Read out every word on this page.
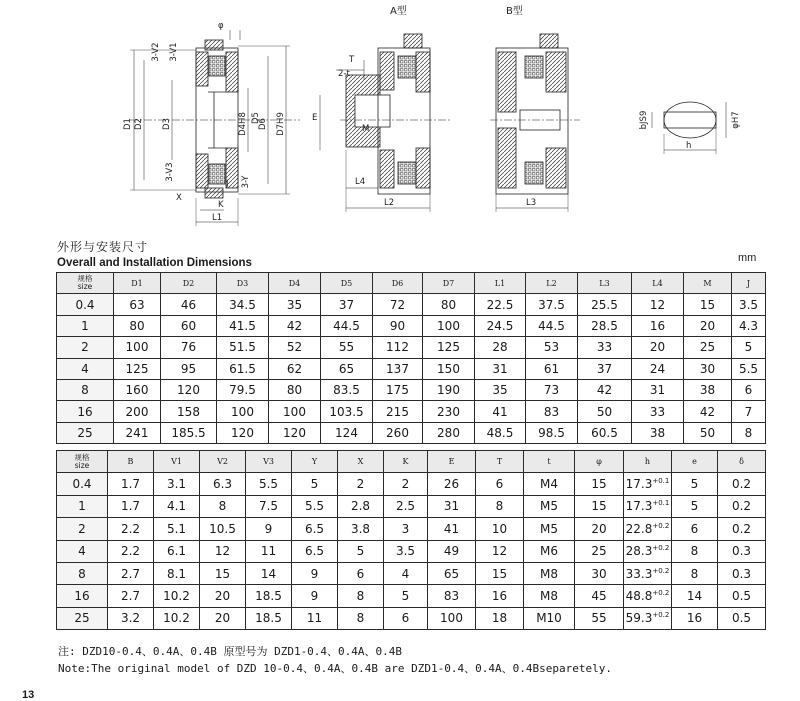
D1 D2 D3	D4H8 D5
D6 D7H9
3-V2 3-V1
3-V3
3-Y
X
K
J
L1
φ
A型
E
T
2-t
M
L4
L2
B型
L3
h
bJS9	φH7
外形与安装尺寸
Overall and Installation Dimensions	mm
规格
size	D1	D2	D3	D4	D5	D6	D7	L1	L2	L3	L4	M	J
0.4	63	46	34.5	35	37	72	80	22.5	37.5	25.5	12	15	3.5
1	80	60	41.5	42	44.5	90	100	24.5	44.5	28.5	16	20	4.3
2	100	76	51.5	52	55	112	125	28	53	33	20	25	5
4	125	95	61.5	62	65	137	150	31	61	37	24	30	5.5
8	160	120	79.5	80	83.5	175	190	35	73	42	31	38	6
16	200	158	100	100	103.5	215	230	41	83	50	33	42	7
25	241	185.5	120	120	124	260	280	48.5	98.5	60.5	38	50	8
规格
size	B	V1	V2	V3	Y	X	K	E	T	t	φ	h	e	δ
0.4	1.7	3.1	6.3	5.5	5	2	2	26	6	M4	15	$17.3^{+0.1}$	5	0.2
1	1.7	4.1	8	7.5	5.5	2.8	2.5	31	8	M5	15	$17.3^{+0.1}$	5	0.2
2	2.2	5.1	10.5	9	6.5	3.8	3	41	10	M5	20	$22.8^{+0.2}$	6	0.2
4	2.2	6.1	12	11	6.5	5	3.5	49	12	M6	25	$28.3^{+0.2}$	8	0.3
8	2.7	8.1	15	14	9	6	4	65	15	M8	30	$33.3^{+0.2}$	8	0.3
16	2.7	10.2	20	18.5	9	8	5	83	16	M8	45	$48.8^{+0.2}$	14	0.5
25	3.2	10.2	20	18.5	11	8	6	100	18	M10	55	$59.3^{+0.2}$	16	0.5
注: DZD10-0.4、0.4A、0.4B 原型号为 DZD1-0.4、0.4A、0.4B
Note:The original model of DZD 10-0.4、0.4A、0.4B are DZD1-0.4、0.4A、0.4Bseparetely.
13
